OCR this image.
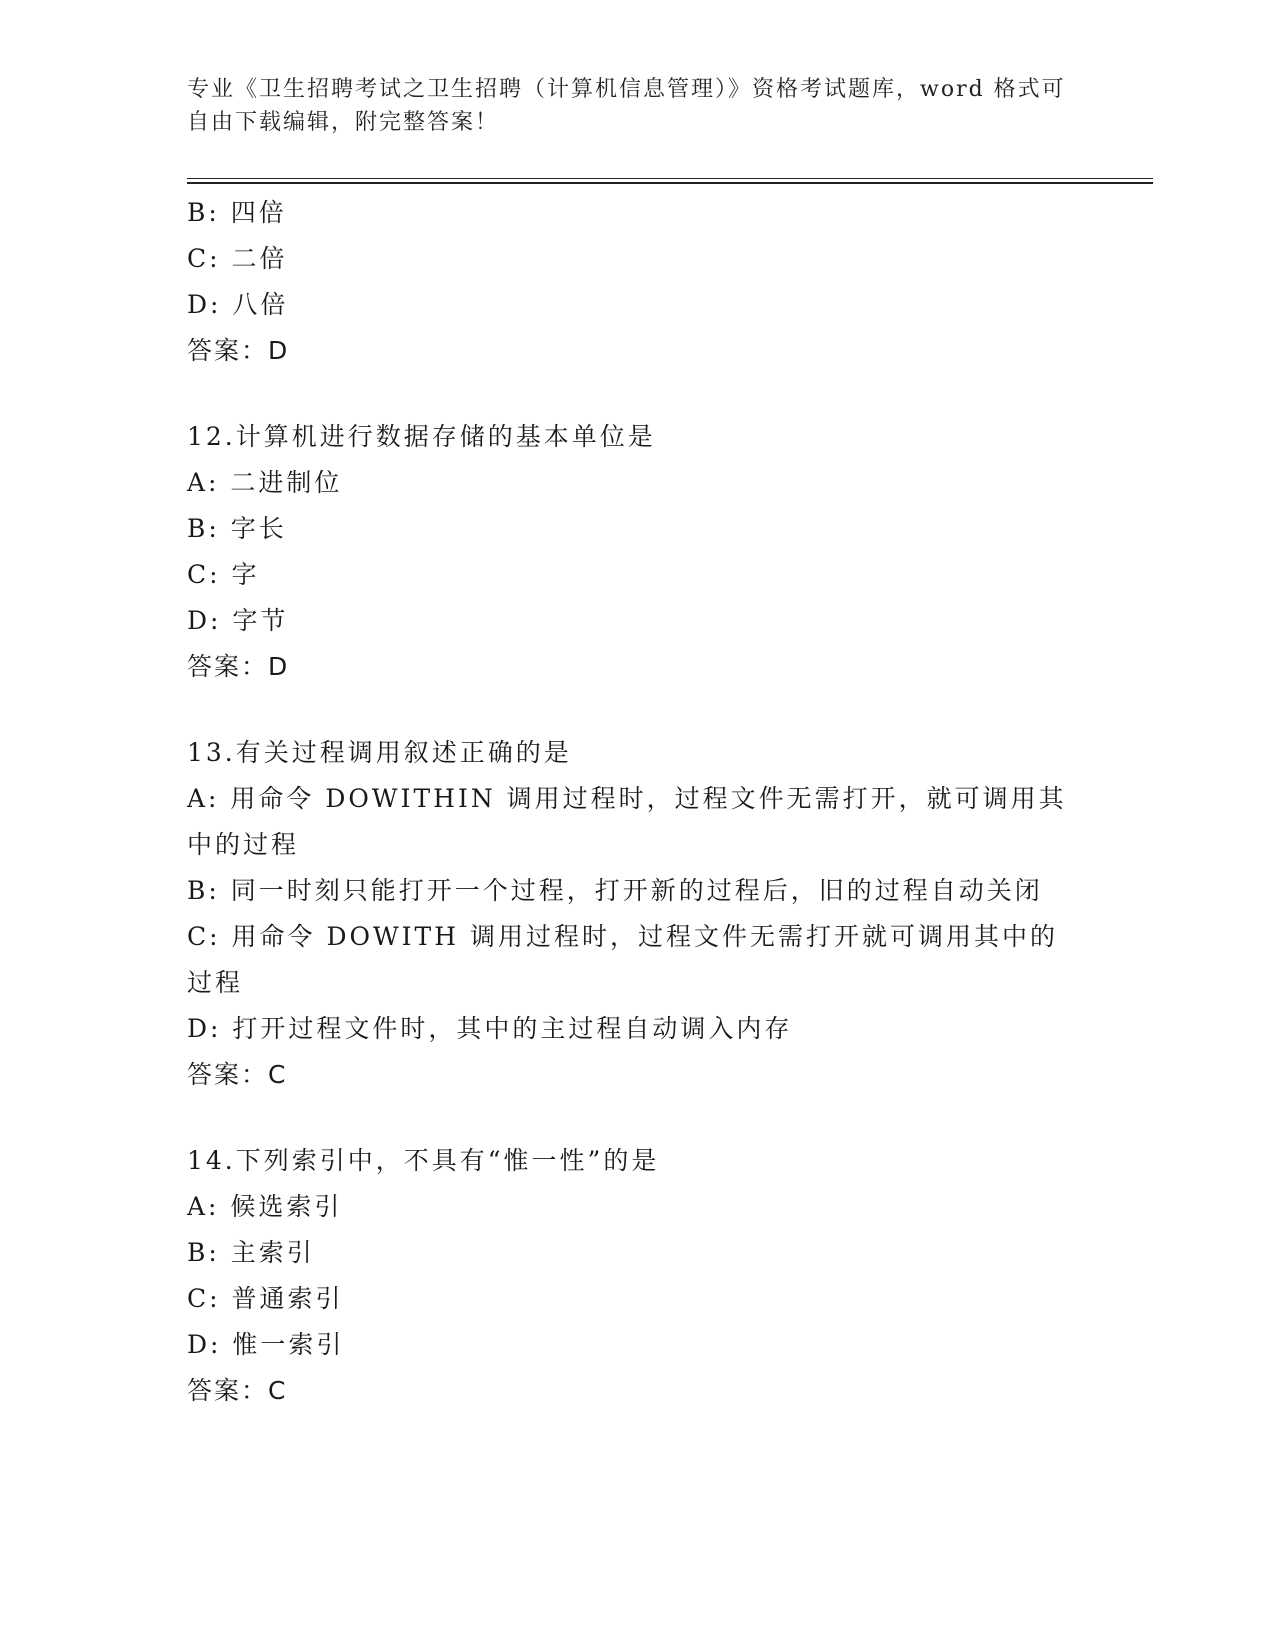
专业《卫生招聘考试之卫生招聘（计算机信息管理）》资格考试题库，word 格式可自由下载编辑，附完整答案！
B: 四倍
C: 二倍
D: 八倍
答案：D
12.计算机进行数据存储的基本单位是
A: 二进制位
B: 字长
C: 字
D: 字节
答案：D
13.有关过程调用叙述正确的是
A: 用命令 DOWITHIN 调用过程时，过程文件无需打开，就可调用其中的过程
B: 同一时刻只能打开一个过程，打开新的过程后，旧的过程自动关闭
C: 用命令 DOWITH 调用过程时，过程文件无需打开就可调用其中的过程
D: 打开过程文件时，其中的主过程自动调入内存
答案：C
14.下列索引中，不具有“惟一性”的是
A: 候选索引
B: 主索引
C: 普通索引
D: 惟一索引
答案：C
